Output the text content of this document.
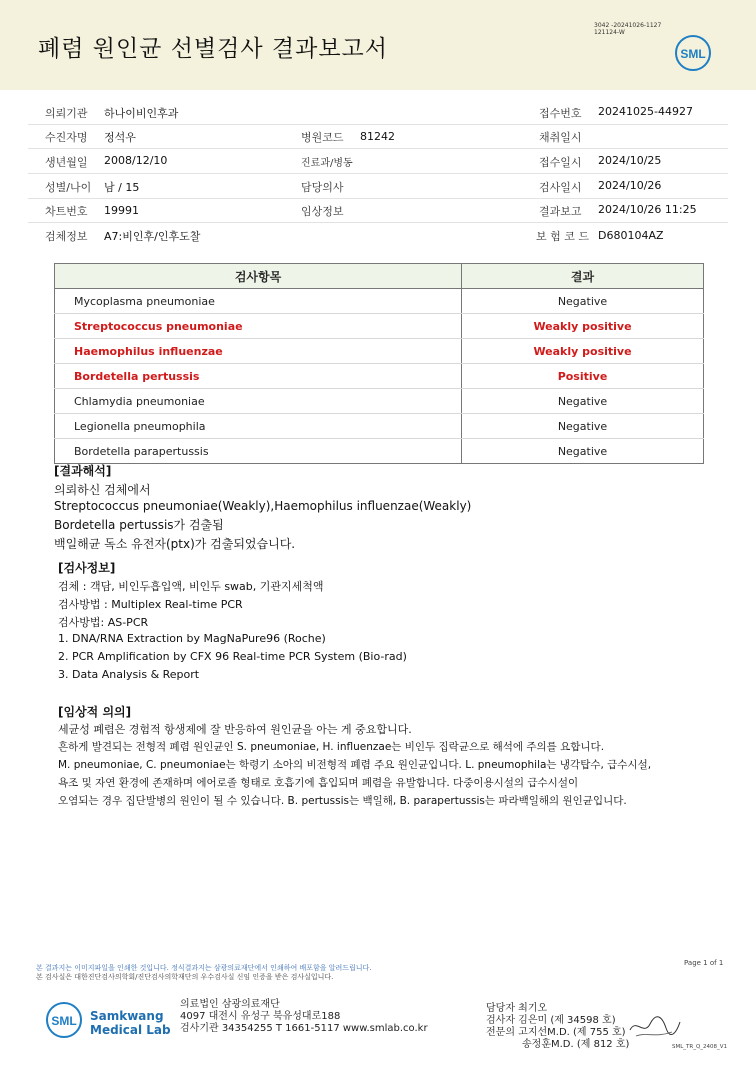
폐렴 원인균 선별검사 결과보고서
3042 -20241026-1127
121124-W
SML
의뢰기관 하나이비인후과	접수번호 20241025-44927
수진자명 정석우	병원코드 81242	채취일시
생년월일 2008/12/10	진료과/병동	접수일시 2024/10/25
성별/나이 남 / 15	담당의사	검사일시 2024/10/26
차트번호 19991	임상정보	결과보고 2024/10/26 11:25
검체정보 A7:비인후/인후도찰	보 험 코 드 D680104AZ
검사항목	결과
Mycoplasma pneumoniae	Negative
Streptococcus pneumoniae	Weakly positive
Haemophilus influenzae	Weakly positive
Bordetella pertussis	Positive
Chlamydia pneumoniae	Negative
Legionella pneumophila	Negative
Bordetella parapertussis	Negative
[결과해석]
의뢰하신 검체에서
Streptococcus pneumoniae(Weakly),Haemophilus influenzae(Weakly)
Bordetella pertussis가 검출됨
백일해균 독소 유전자(ptx)가 검출되었습니다.
[검사정보]
검체 : 객담, 비인두흡입액, 비인두 swab, 기관지세척액
검사방법 : Multiplex Real-time PCR
검사방법: AS-PCR
1. DNA/RNA Extraction by MagNaPure96 (Roche)
2. PCR Amplification by CFX 96 Real-time PCR System (Bio-rad)
3. Data Analysis & Report
[임상적 의의]
세균성 폐렴은 경험적 항생제에 잘 반응하여 원인균을 아는 게 중요합니다.
흔하게 발견되는 전형적 폐렴 원인균인 S. pneumoniae, H. influenzae는 비인두 집락균으로 해석에 주의를 요합니다.
M. pneumoniae, C. pneumoniae는 학령기 소아의 비전형적 폐렴 주요 원인균입니다. L. pneumophila는 냉각탑수, 급수시설,
욕조 및 자연 환경에 존재하며 에어로졸 형태로 호흡기에 흡입되며 폐렴을 유발합니다. 다중이용시설의 급수시설이
오염되는 경우 집단발병의 원인이 될 수 있습니다. B. pertussis는 백일해, B. parapertussis는 파라백일해의 원인균입니다.
본 결과지는 이미지파일을 인쇄한 것입니다. 정식결과지는 삼광의료재단에서 인쇄하여 배포함을 알려드립니다.
본 검사실은 대한진단검사의학회/진단검사의학재단의 우수검사실 신임 인증을 받은 검사실입니다.
Page 1 of 1
SML Samkwang
Medical Lab
의료법인 삼광의료재단
4097 대전시 유성구 북유성대로188
검사기관 34354255 T 1661-5117 www.smlab.co.kr
담당자 최기오
검사자 김은미 (제 34598 호)
전문의 고지선M.D. (제 755 호)
송정훈M.D. (제 812 호)	SML_TR_Q_2408_V1
